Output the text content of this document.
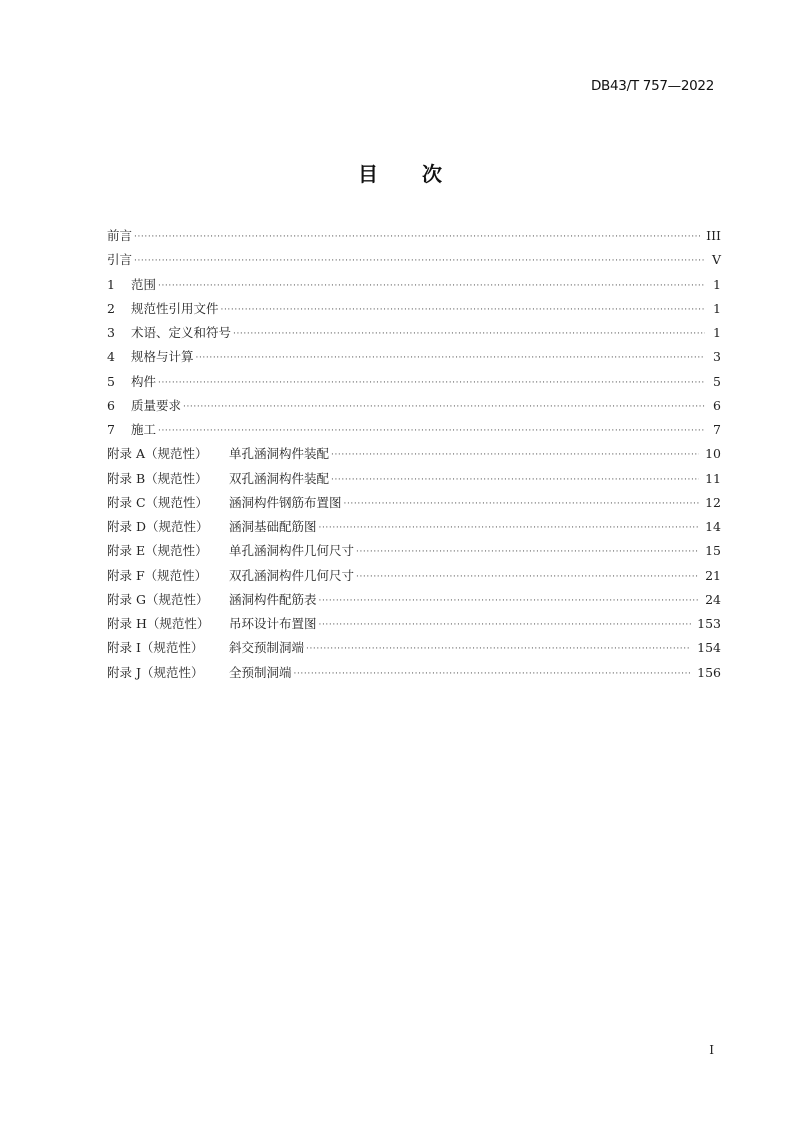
DB43/T 757—2022
目 次
前言 ·····	III
引言 ·····	V
1	范围 ·····	1
2	规范性引用文件 ·····	1
3	术语、定义和符号 ·····	1
4	规格与计算 ·····	3
5	构件 ·····	5
6	质量要求 ·····	6
7	施工 ·····	7
附录 A（规范性）	单孔涵洞构件装配 ·····	10
附录 B（规范性）	双孔涵洞构件装配 ·····	11
附录 C（规范性）	涵洞构件钢筋布置图 ·····	12
附录 D（规范性）	涵洞基础配筋图 ·····	14
附录 E（规范性）	单孔涵洞构件几何尺寸 ·····	15
附录 F（规范性）	双孔涵洞构件几何尺寸 ·····	21
附录 G（规范性）	涵洞构件配筋表 ·····	24
附录 H（规范性）	吊环设计布置图 ·····	153
附录 I（规范性）	斜交预制洞端 ·····	154
附录 J（规范性）	全预制洞端 ·····	156
I
